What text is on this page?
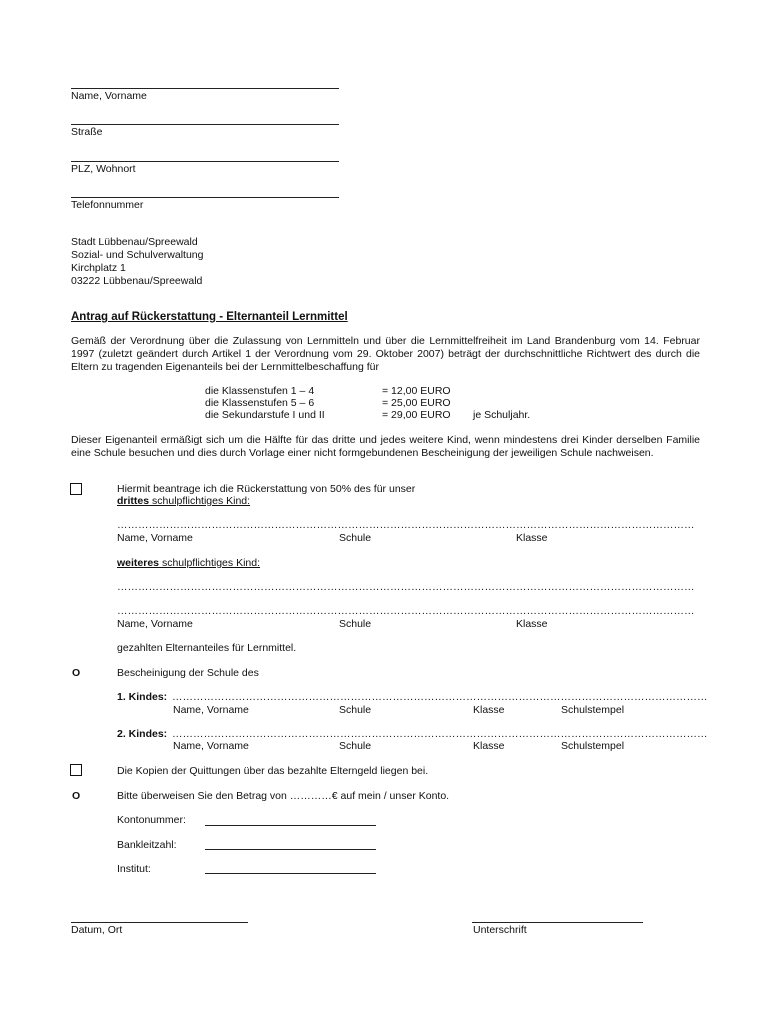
Name, Vorname
Straße
PLZ, Wohnort
Telefonnummer
Stadt Lübbenau/Spreewald
Sozial- und Schulverwaltung
Kirchplatz 1
03222 Lübbenau/Spreewald
Antrag auf Rückerstattung - Elternanteil Lernmittel
Gemäß der Verordnung über die Zulassung von Lernmitteln und über die Lernmittelfreiheit im Land Brandenburg vom 14. Februar 1997 (zuletzt geändert durch Artikel 1 der Verordnung vom 29. Oktober 2007) beträgt der durchschnittliche Richtwert des durch die Eltern zu tragenden Eigenanteils bei der Lernmittelbeschaffung für
die Klassenstufen 1 – 4	= 12,00 EURO
die Klassenstufen 5 – 6	= 25,00 EURO
die Sekundarstufe I und II	= 29,00 EURO je Schuljahr.
Dieser Eigenanteil ermäßigt sich um die Hälfte für das dritte und jedes weitere Kind, wenn mindestens drei Kinder derselben Familie eine Schule besuchen und dies durch Vorlage einer nicht formgebundenen Bescheinigung der jeweiligen Schule nachweisen.
Hiermit beantrage ich die Rückerstattung von 50% des für unser
drittes schulpflichtiges Kind:
…………………………………………………………………………………………………………………………………………………
Name, Vorname	Schule	Klasse
weiteres schulpflichtiges Kind:
…………………………………………………………………………………………………………………………………………………
…………………………………………………………………………………………………………………………………………………
Name, Vorname	Schule	Klasse
gezahlten Elternanteiles für Lernmittel.
O	Bescheinigung der Schule des
1. Kindes: ………………………………………………………………………………………………………………………………………
Name, Vorname	Schule	Klasse	Schulstempel
2. Kindes: ………………………………………………………………………………………………………………………………………
Name, Vorname	Schule	Klasse	Schulstempel
Die Kopien der Quittungen über das bezahlte Elterngeld liegen bei.
O	Bitte überweisen Sie den Betrag von …………€ auf mein / unser Konto.
Kontonummer:
Bankleitzahl:
Institut:
Datum, Ort	Unterschrift
